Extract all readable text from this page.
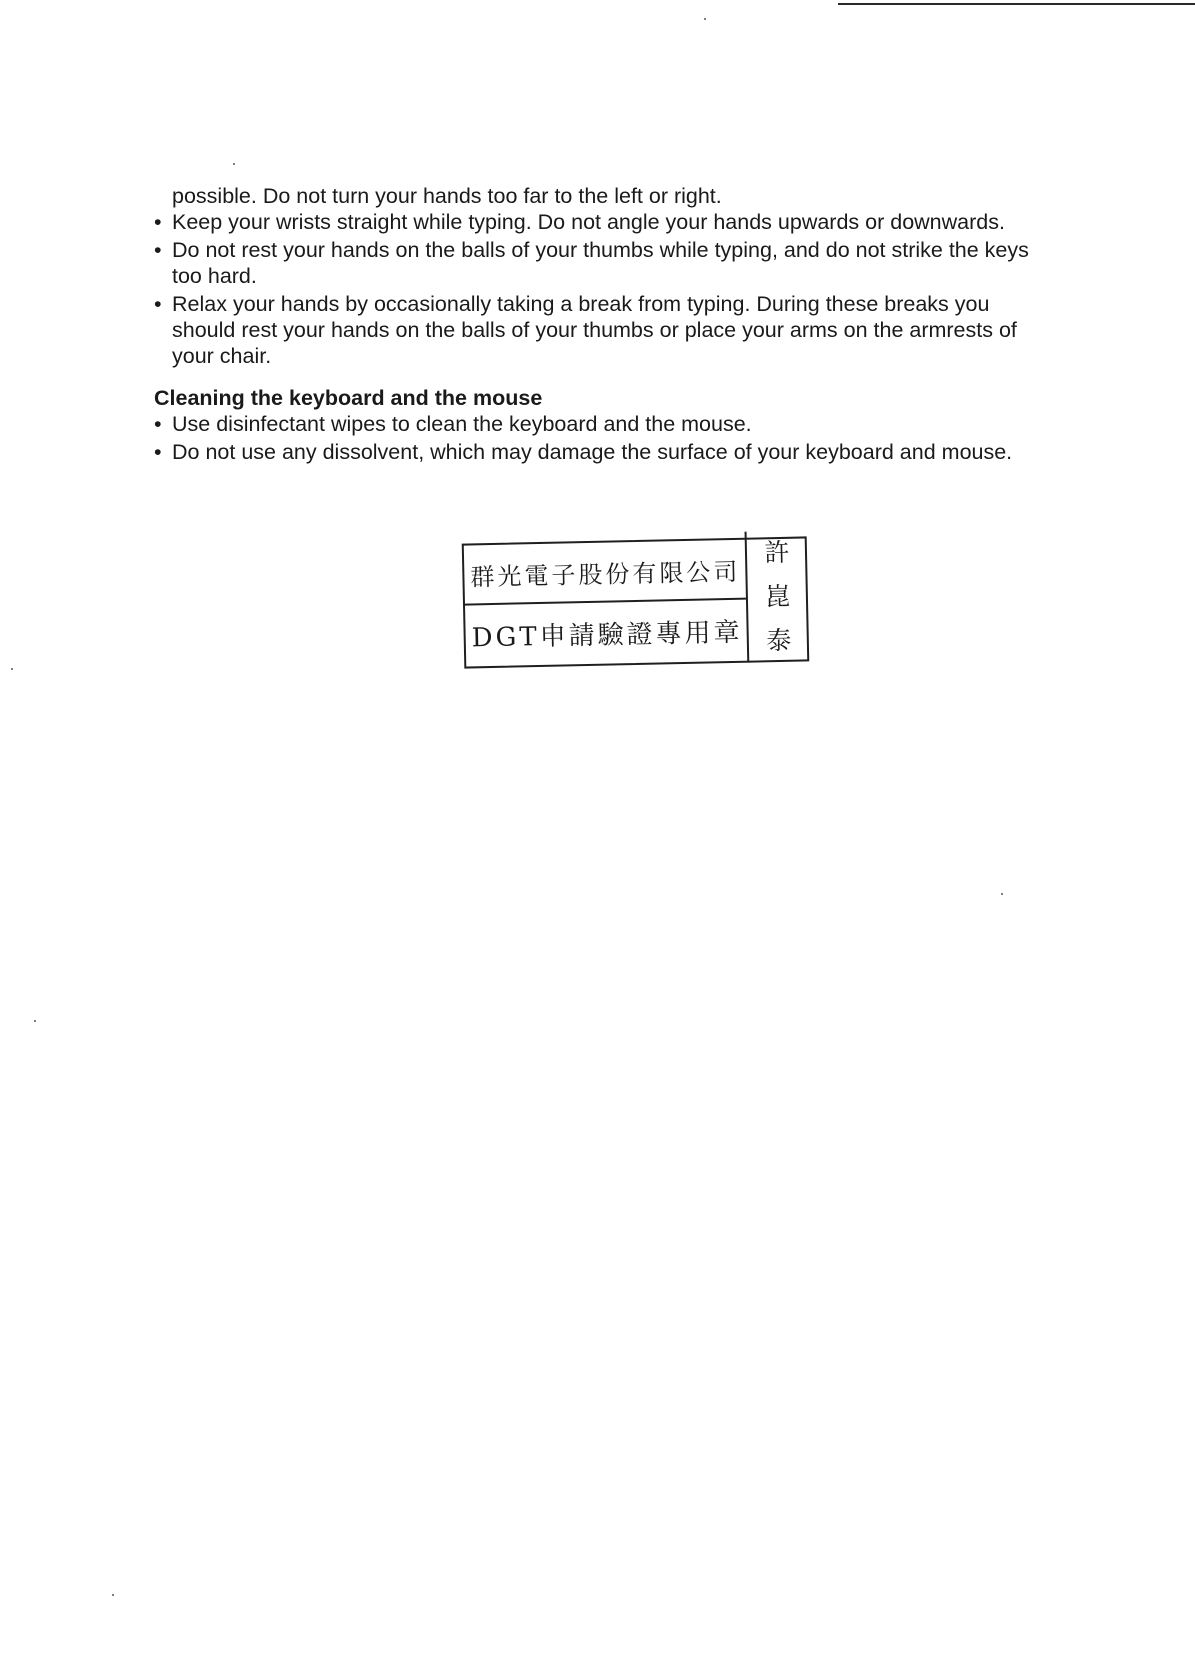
possible. Do not turn your hands too far to the left or right.

• Keep your wrists straight while typing. Do not angle your hands upwards or downwards.
• Do not rest your hands on the balls of your thumbs while typing, and do not strike the keys too hard.
• Relax your hands by occasionally taking a break from typing. During these breaks you should rest your hands on the balls of your thumbs or place your arms on the armrests of your chair.
Cleaning the keyboard and the mouse
• Use disinfectant wipes to clean the keyboard and the mouse.
• Do not use any dissolvent, which may damage the surface of your keyboard and mouse.
群光電子股份有限公司
DGT申請驗證專用章
許
崑
泰
